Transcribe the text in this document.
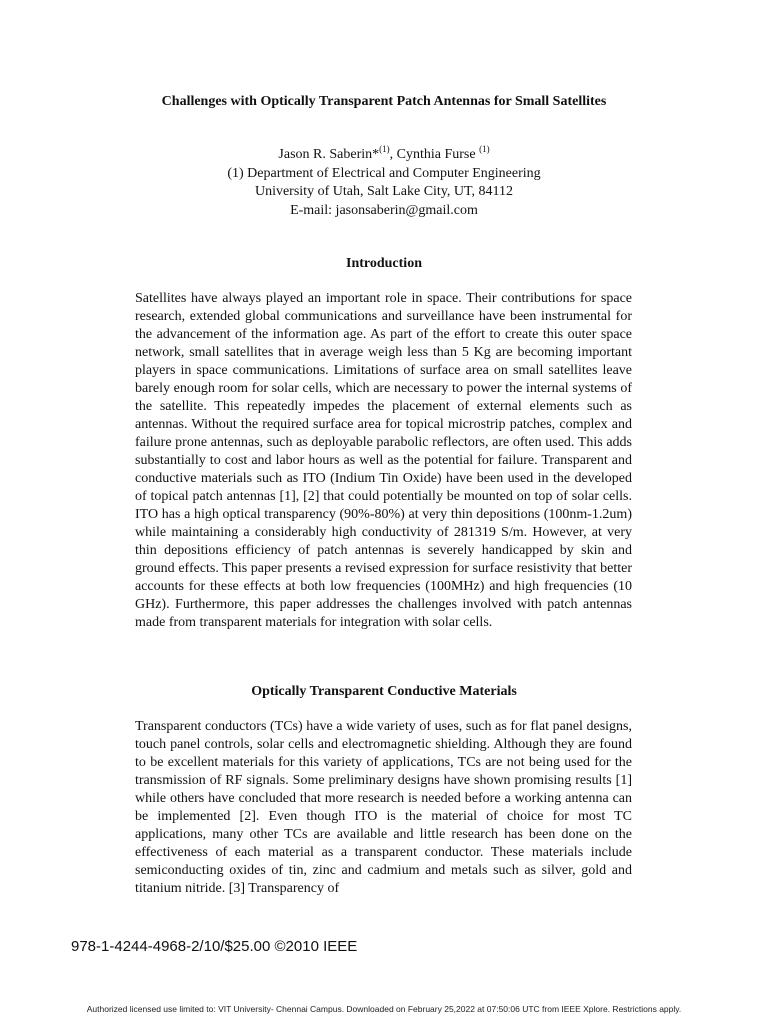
Challenges with Optically Transparent Patch Antennas for Small Satellites
Jason R. Saberin*$^{(1)}$, Cynthia Furse $^{(1)}$
(1) Department of Electrical and Computer Engineering
University of Utah, Salt Lake City, UT, 84112
E-mail: jasonsaberin@gmail.com
Introduction

Satellites have always played an important role in space. Their contributions for space research, extended global communications and surveillance have been instrumental for the advancement of the information age. As part of the effort to create this outer space network, small satellites that in average weigh less than 5 Kg are becoming important players in space communications. Limitations of surface area on small satellites leave barely enough room for solar cells, which are necessary to power the internal systems of the satellite. This repeatedly impedes the placement of external elements such as antennas. Without the required surface area for topical microstrip patches, complex and failure prone antennas, such as deployable parabolic reflectors, are often used. This adds substantially to cost and labor hours as well as the potential for failure. Transparent and conductive materials such as ITO (Indium Tin Oxide) have been used in the developed of topical patch antennas [1], [2] that could potentially be mounted on top of solar cells. ITO has a high optical transparency (90%-80%) at very thin depositions (100nm-1.2um) while maintaining a considerably high conductivity of 281319 S/m. However, at very thin depositions efficiency of patch antennas is severely handicapped by skin and ground effects. This paper presents a revised expression for surface resistivity that better accounts for these effects at both low frequencies (100MHz) and high frequencies (10 GHz). Furthermore, this paper addresses the challenges involved with patch antennas made from transparent materials for integration with solar cells.

Optically Transparent Conductive Materials

Transparent conductors (TCs) have a wide variety of uses, such as for flat panel designs, touch panel controls, solar cells and electromagnetic shielding. Although they are found to be excellent materials for this variety of applications, TCs are not being used for the transmission of RF signals. Some preliminary designs have shown promising results [1] while others have concluded that more research is needed before a working antenna can be implemented [2]. Even though ITO is the material of choice for most TC applications, many other TCs are available and little research has been done on the effectiveness of each material as a transparent conductor. These materials include semiconducting oxides of tin, zinc and cadmium and metals such as silver, gold and titanium nitride. [3] Transparency of

978-1-4244-4968-2/10/$25.00 ©2010 IEEE
Authorized licensed use limited to: VIT University- Chennai Campus. Downloaded on February 25,2022 at 07:50:06 UTC from IEEE Xplore. Restrictions apply.
